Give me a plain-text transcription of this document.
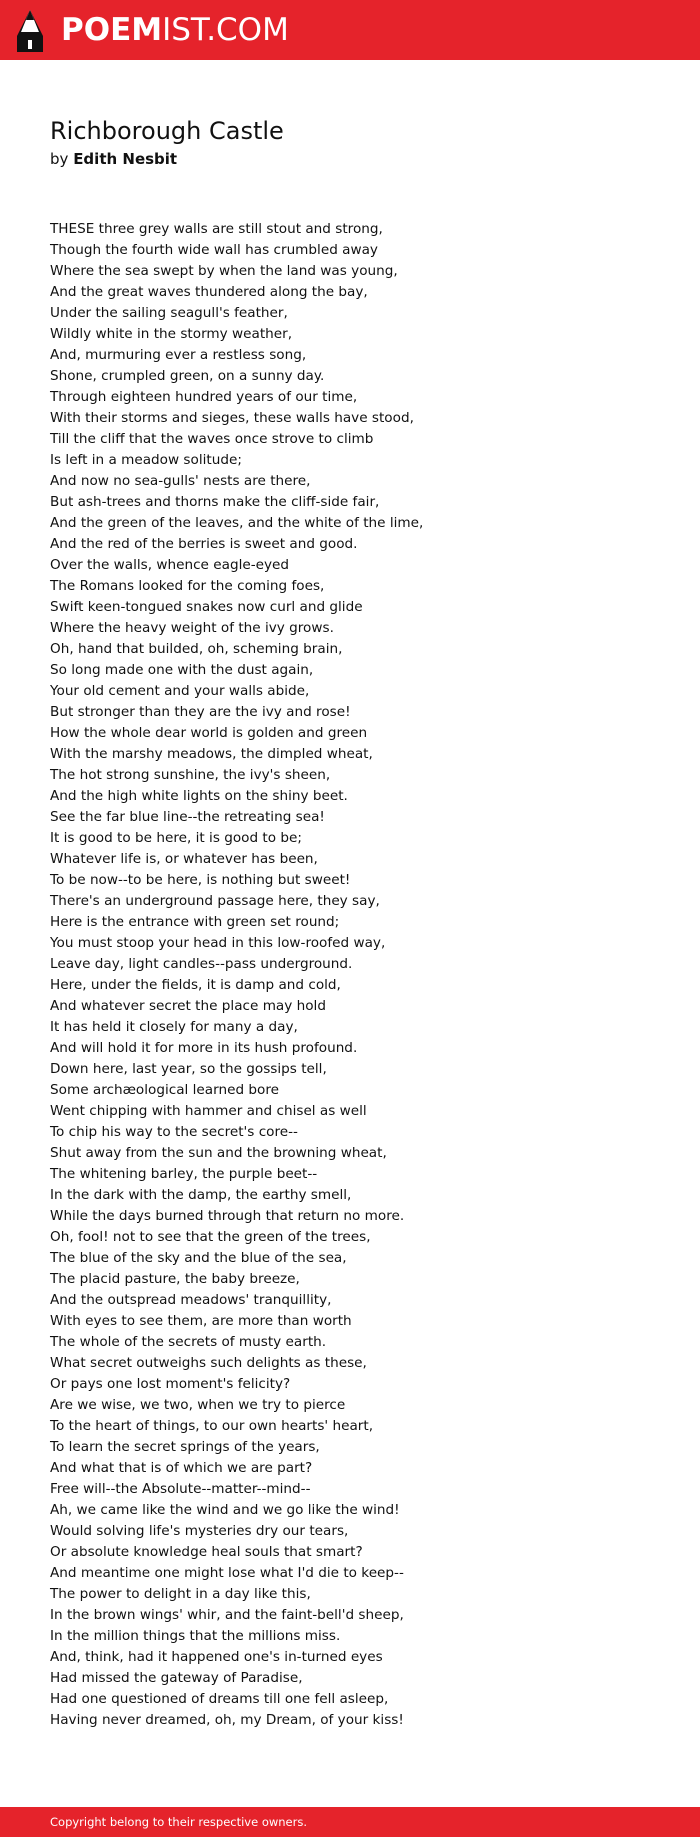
POEMIST.COM
Richborough Castle
by Edith Nesbit
THESE three grey walls are still stout and strong,
Though the fourth wide wall has crumbled away
Where the sea swept by when the land was young,
And the great waves thundered along the bay,
Under the sailing seagull's feather,
Wildly white in the stormy weather,
And, murmuring ever a restless song,
Shone, crumpled green, on a sunny day.
Through eighteen hundred years of our time,
With their storms and sieges, these walls have stood,
Till the cliff that the waves once strove to climb
Is left in a meadow solitude;
And now no sea-gulls' nests are there,
But ash-trees and thorns make the cliff-side fair,
And the green of the leaves, and the white of the lime,
And the red of the berries is sweet and good.
Over the walls, whence eagle-eyed
The Romans looked for the coming foes,
Swift keen-tongued snakes now curl and glide
Where the heavy weight of the ivy grows.
Oh, hand that builded, oh, scheming brain,
So long made one with the dust again,
Your old cement and your walls abide,
But stronger than they are the ivy and rose!
How the whole dear world is golden and green
With the marshy meadows, the dimpled wheat,
The hot strong sunshine, the ivy's sheen,
And the high white lights on the shiny beet.
See the far blue line--the retreating sea!
It is good to be here, it is good to be;
Whatever life is, or whatever has been,
To be now--to be here, is nothing but sweet!
There's an underground passage here, they say,
Here is the entrance with green set round;
You must stoop your head in this low-roofed way,
Leave day, light candles--pass underground.
Here, under the fields, it is damp and cold,
And whatever secret the place may hold
It has held it closely for many a day,
And will hold it for more in its hush profound.
Down here, last year, so the gossips tell,
Some archæological learned bore
Went chipping with hammer and chisel as well
To chip his way to the secret's core--
Shut away from the sun and the browning wheat,
The whitening barley, the purple beet--
In the dark with the damp, the earthy smell,
While the days burned through that return no more.
Oh, fool! not to see that the green of the trees,
The blue of the sky and the blue of the sea,
The placid pasture, the baby breeze,
And the outspread meadows' tranquillity,
With eyes to see them, are more than worth
The whole of the secrets of musty earth.
What secret outweighs such delights as these,
Or pays one lost moment's felicity?
Are we wise, we two, when we try to pierce
To the heart of things, to our own hearts' heart,
To learn the secret springs of the years,
And what that is of which we are part?
Free will--the Absolute--matter--mind--
Ah, we came like the wind and we go like the wind!
Would solving life's mysteries dry our tears,
Or absolute knowledge heal souls that smart?
And meantime one might lose what I'd die to keep--
The power to delight in a day like this,
In the brown wings' whir, and the faint-bell'd sheep,
In the million things that the millions miss.
And, think, had it happened one's in-turned eyes
Had missed the gateway of Paradise,
Had one questioned of dreams till one fell asleep,
Having never dreamed, oh, my Dream, of your kiss!
Copyright belong to their respective owners.
